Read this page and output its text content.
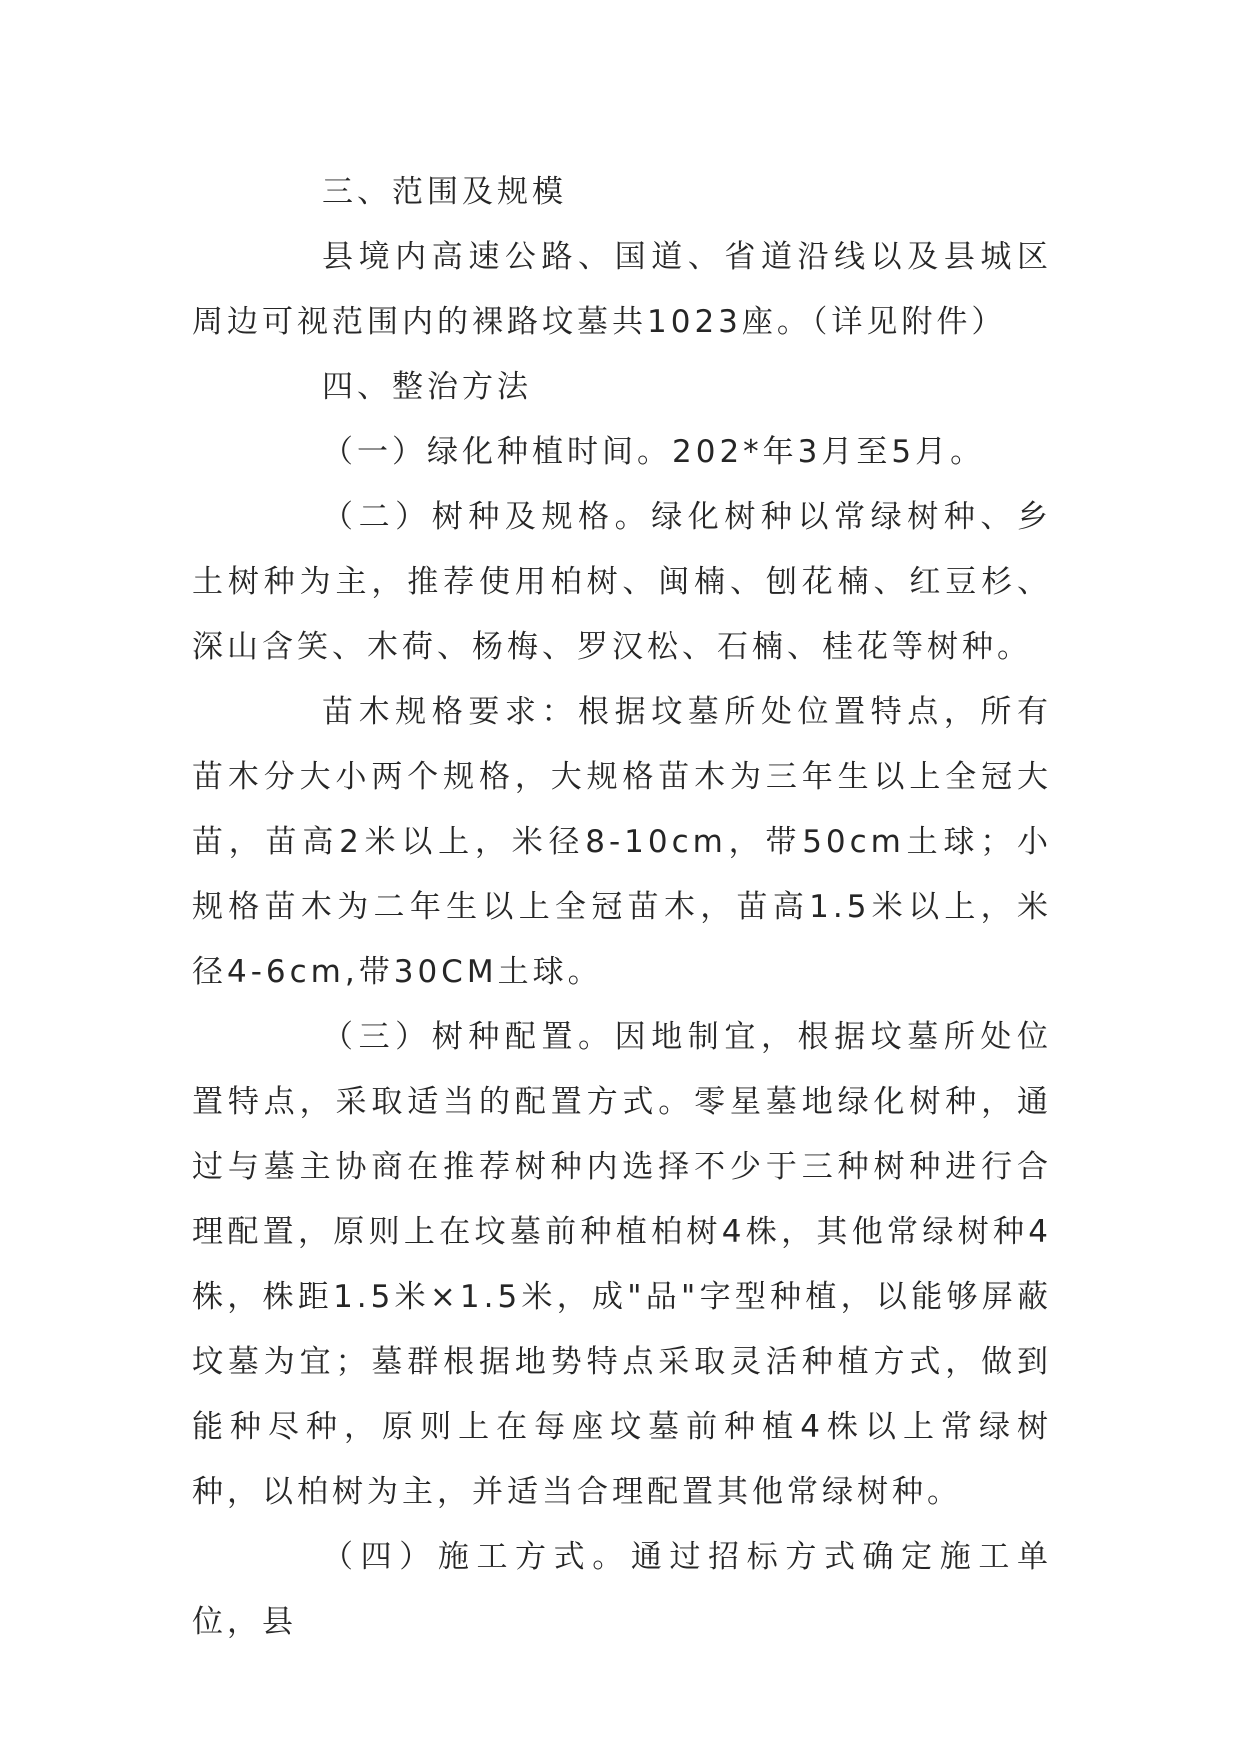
三、范围及规模

县境内高速公路、国道、省道沿线以及县城区周边可视范围内的裸路坟墓共1023座。（详见附件）

四、整治方法

（一）绿化种植时间。202*年3月至5月。

（二）树种及规格。绿化树种以常绿树种、乡土树种为主，推荐使用柏树、闽楠、刨花楠、红豆杉、深山含笑、木荷、杨梅、罗汉松、石楠、桂花等树种。

苗木规格要求：根据坟墓所处位置特点，所有苗木分大小两个规格，大规格苗木为三年生以上全冠大苗，苗高2米以上，米径8-10cm，带50cm土球；小规格苗木为二年生以上全冠苗木，苗高1.5米以上，米径4-6cm,带30CM土球。

（三）树种配置。因地制宜，根据坟墓所处位置特点，采取适当的配置方式。零星墓地绿化树种，通过与墓主协商在推荐树种内选择不少于三种树种进行合理配置，原则上在坟墓前种植柏树4株，其他常绿树种4株，株距1.5米×1.5米，成"品"字型种植，以能够屏蔽坟墓为宜；墓群根据地势特点采取灵活种植方式，做到能种尽种，原则上在每座坟墓前种植4株以上常绿树种，以柏树为主，并适当合理配置其他常绿树种。

（四）施工方式。通过招标方式确定施工单位，县
